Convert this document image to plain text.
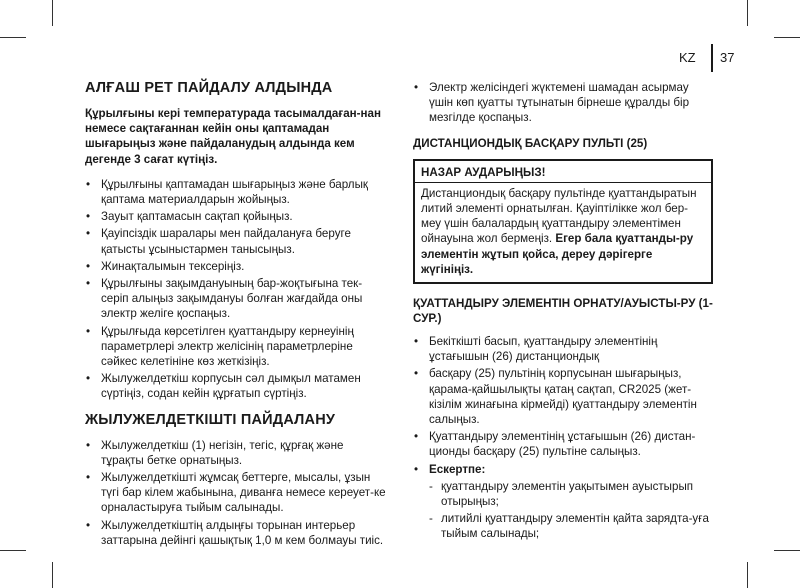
KZ 37
АЛҒАШ РЕТ ПАЙДАЛУ АЛДЫНДА
Құрылғыны кері температурада тасымалдаған-нан немесе сақтағаннан кейін оны қаптамадан шығарыңыз және пайдаланудың алдында кем дегенде 3 сағат күтіңіз.
• Құрылғыны қаптамадан шығарыңыз және барлық қаптама материалдарын жойыңыз.
• Зауыт қаптамасын сақтап қойыңыз.
• Қауіпсіздік шаралары мен пайдалануға беруге қатысты ұсыныстармен танысыңыз.
• Жинақталымын тексеріңіз.
• Құрылғыны зақымдануының бар-жоқтығына тек-серіп алыңыз зақымдануы болған жағдайда оны электр желіге қоспаңыз.
• Құрылғыда көрсетілген қуаттандыру кернеуінің параметрлері электр желісінің параметрлеріне сәйкес келетініне көз жеткізіңіз.
• Жылужелдеткіш корпусын сәл дымқыл матамен сүртіңіз, содан кейін құрғатып сүртіңіз.
ЖЫЛУЖЕЛДЕТКІШТІ ПАЙДАЛАНУ
• Жылужелдеткіш (1) негізін, тегіс, құрғақ және тұрақты бетке орнатыңыз.
• Жылужелдеткішті жұмсақ беттерге, мысалы, ұзын түгі бар кілем жабынына, диванға немесе кереует-ке орналастыруға тыйым салынады.
• Жылужелдеткіштің алдыңғы торынан интерьер заттарына дейінгі қашықтық 1,0 м кем болмауы тиіс.
• Электр желісіндегі жүктемені шамадан асырмау үшін көп қуатты тұтынатын бірнеше құралды бір мезгілде қоспаңыз.
ДИСТАНЦИОНДЫҚ БАСҚАРУ ПУЛЬТІ (25)
НАЗАР АУДАРЫҢЫЗ!
Дистанциондық басқару пультінде қуаттандыратын литий элементі орнатылған. Қауіптілікке жол бер-меу үшін балалардың қуаттандыру элементімен ойнауына жол бермеңіз. Егер бала қуаттанды-ру элементін жұтып қойса, дереу дәрігерге жүгініңіз.
ҚУАТТАНДЫРУ ЭЛЕМЕНТІН ОРНАТУ/АУЫСТЫ-РУ (1-СУР.)
• Бекіткішті басып, қуаттандыру элементінің ұстағышын (26) дистанциондық
• басқару (25) пультінің корпусынан шығарыңыз, қарама-қайшылықты қатаң сақтап, CR2025 (жет-кізілім жинағына кірмейді) қуаттандыру элементін салыңыз.
• Қуаттандыру элементінің ұстағышын (26) дистан-ционды басқару (25) пультіне салыңыз.
• Ескертпе:
- қуаттандыру элементін уақытымен ауыстырып отырыңыз;
- литийлі қуаттандыру элементін қайта зарядта-уға тыйым салынады;
